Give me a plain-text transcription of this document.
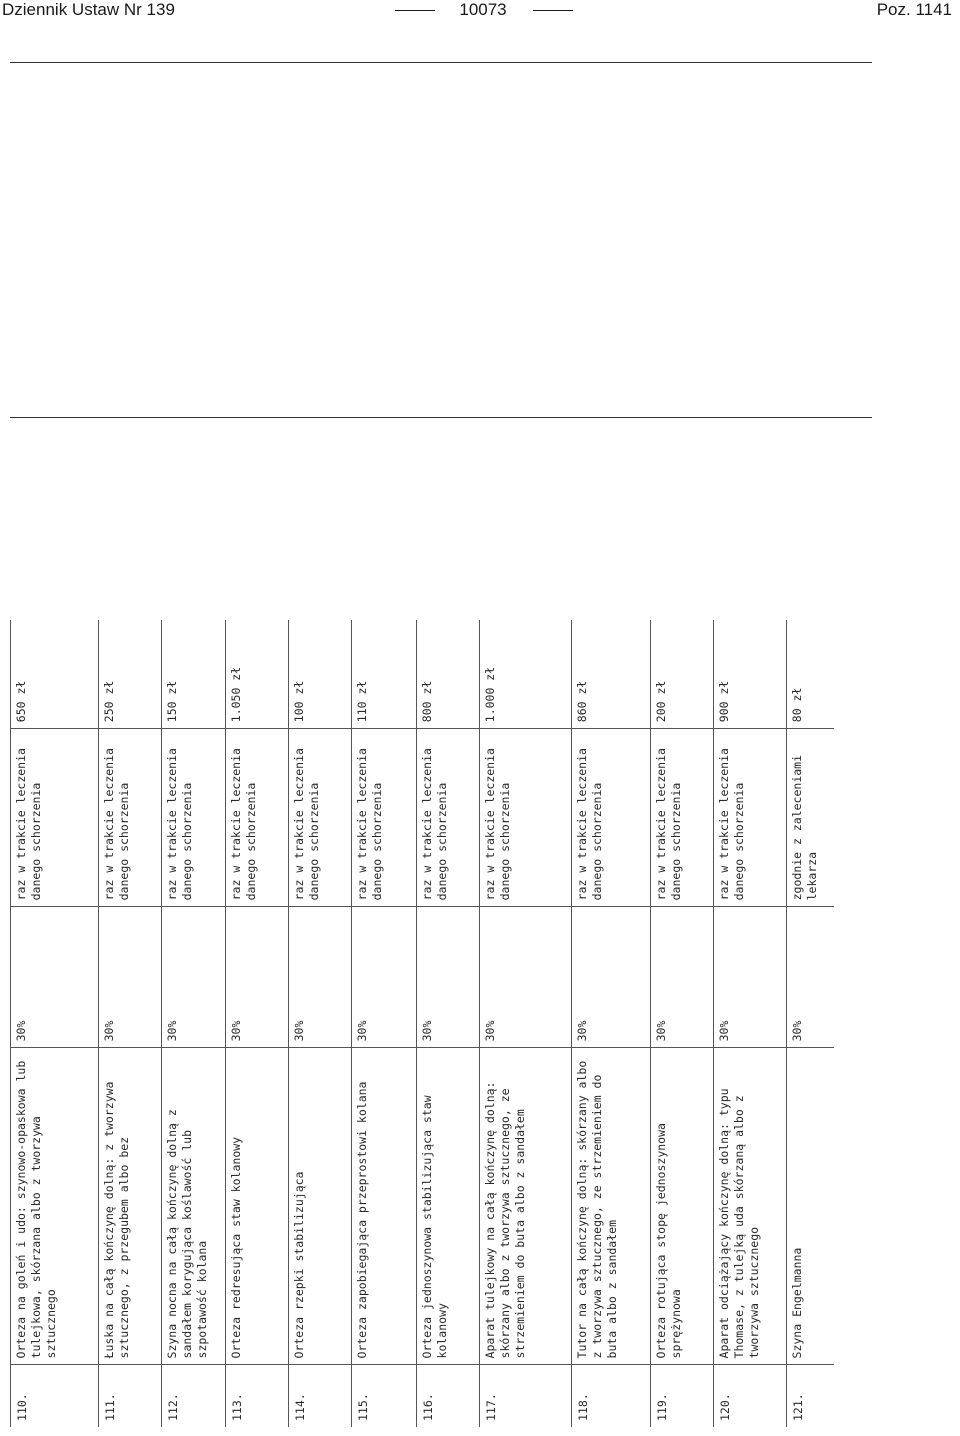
Dziennik Ustaw Nr 139	10073	Poz. 1141
110.	Orteza na goleń i udo: szynowo-opaskowa lub tulejkowa, skórzana albo z tworzywa sztucznego	30%	raz w trakcie leczenia danego schorzenia	650 zł
111.	Łuska na całą kończynę dolną: z tworzywa sztucznego, z przegubem albo bez	30%	raz w trakcie leczenia danego schorzenia	250 zł
112.	Szyna nocna na całą kończynę dolną z sandałem korygująca koślawość lub szpotawość kolana	30%	raz w trakcie leczenia danego schorzenia	150 zł
113.	Orteza redresująca staw kolanowy	30%	raz w trakcie leczenia danego schorzenia	1.050 zł
114.	Orteza rzepki stabilizująca	30%	raz w trakcie leczenia danego schorzenia	100 zł
115.	Orteza zapobiegająca przeprostowi kolana	30%	raz w trakcie leczenia danego schorzenia	110 zł
116.	Orteza jednoszynowa stabilizująca staw kolanowy	30%	raz w trakcie leczenia danego schorzenia	800 zł
117.	Aparat tulejkowy na całą kończynę dolną: skórzany albo z tworzywa sztucznego, ze strzemieniem do buta albo z sandałem	30%	raz w trakcie leczenia danego schorzenia	1.000 zł
118.	Tutor na całą kończynę dolną: skórzany albo z tworzywa sztucznego, ze strzemieniem do buta albo z sandałem	30%	raz w trakcie leczenia danego schorzenia	860 zł
119.	Orteza rotująca stopę jednoszynowa sprężynowa	30%	raz w trakcie leczenia danego schorzenia	200 zł
120.	Aparat odciążający kończynę dolną: typu Thomase, z tulejką uda skórzaną albo z tworzywa sztucznego	30%	raz w trakcie leczenia danego schorzenia	900 zł
121.	Szyna Engelmanna	30%	zgodnie z zaleceniami lekarza	80 zł
